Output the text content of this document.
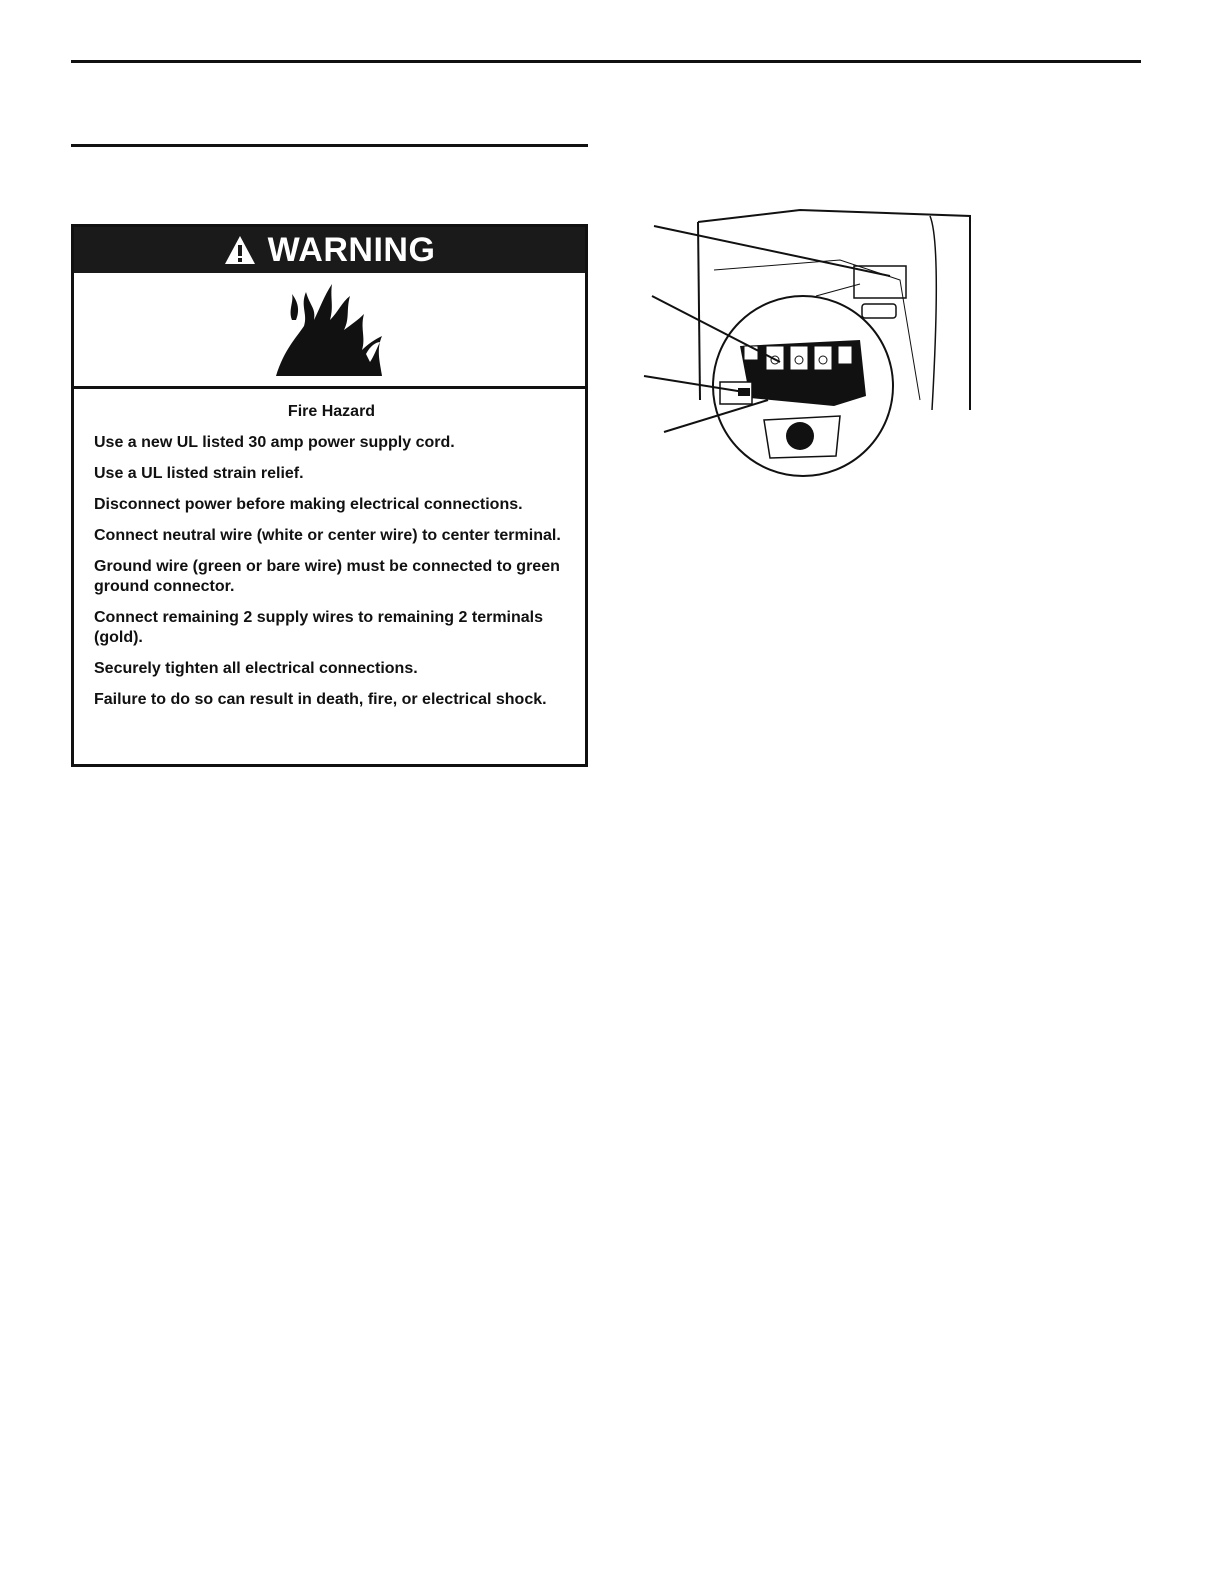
WARNING
Fire Hazard
Use a new UL listed 30 amp power supply cord.
Use a UL listed strain relief.
Disconnect power before making electrical connections.
Connect neutral wire (white or center wire) to center terminal.
Ground wire (green or bare wire) must be connected to green ground connector.
Connect remaining 2 supply wires to remaining 2 terminals (gold).
Securely tighten all electrical connections.
Failure to do so can result in death, fire, or electrical shock.
